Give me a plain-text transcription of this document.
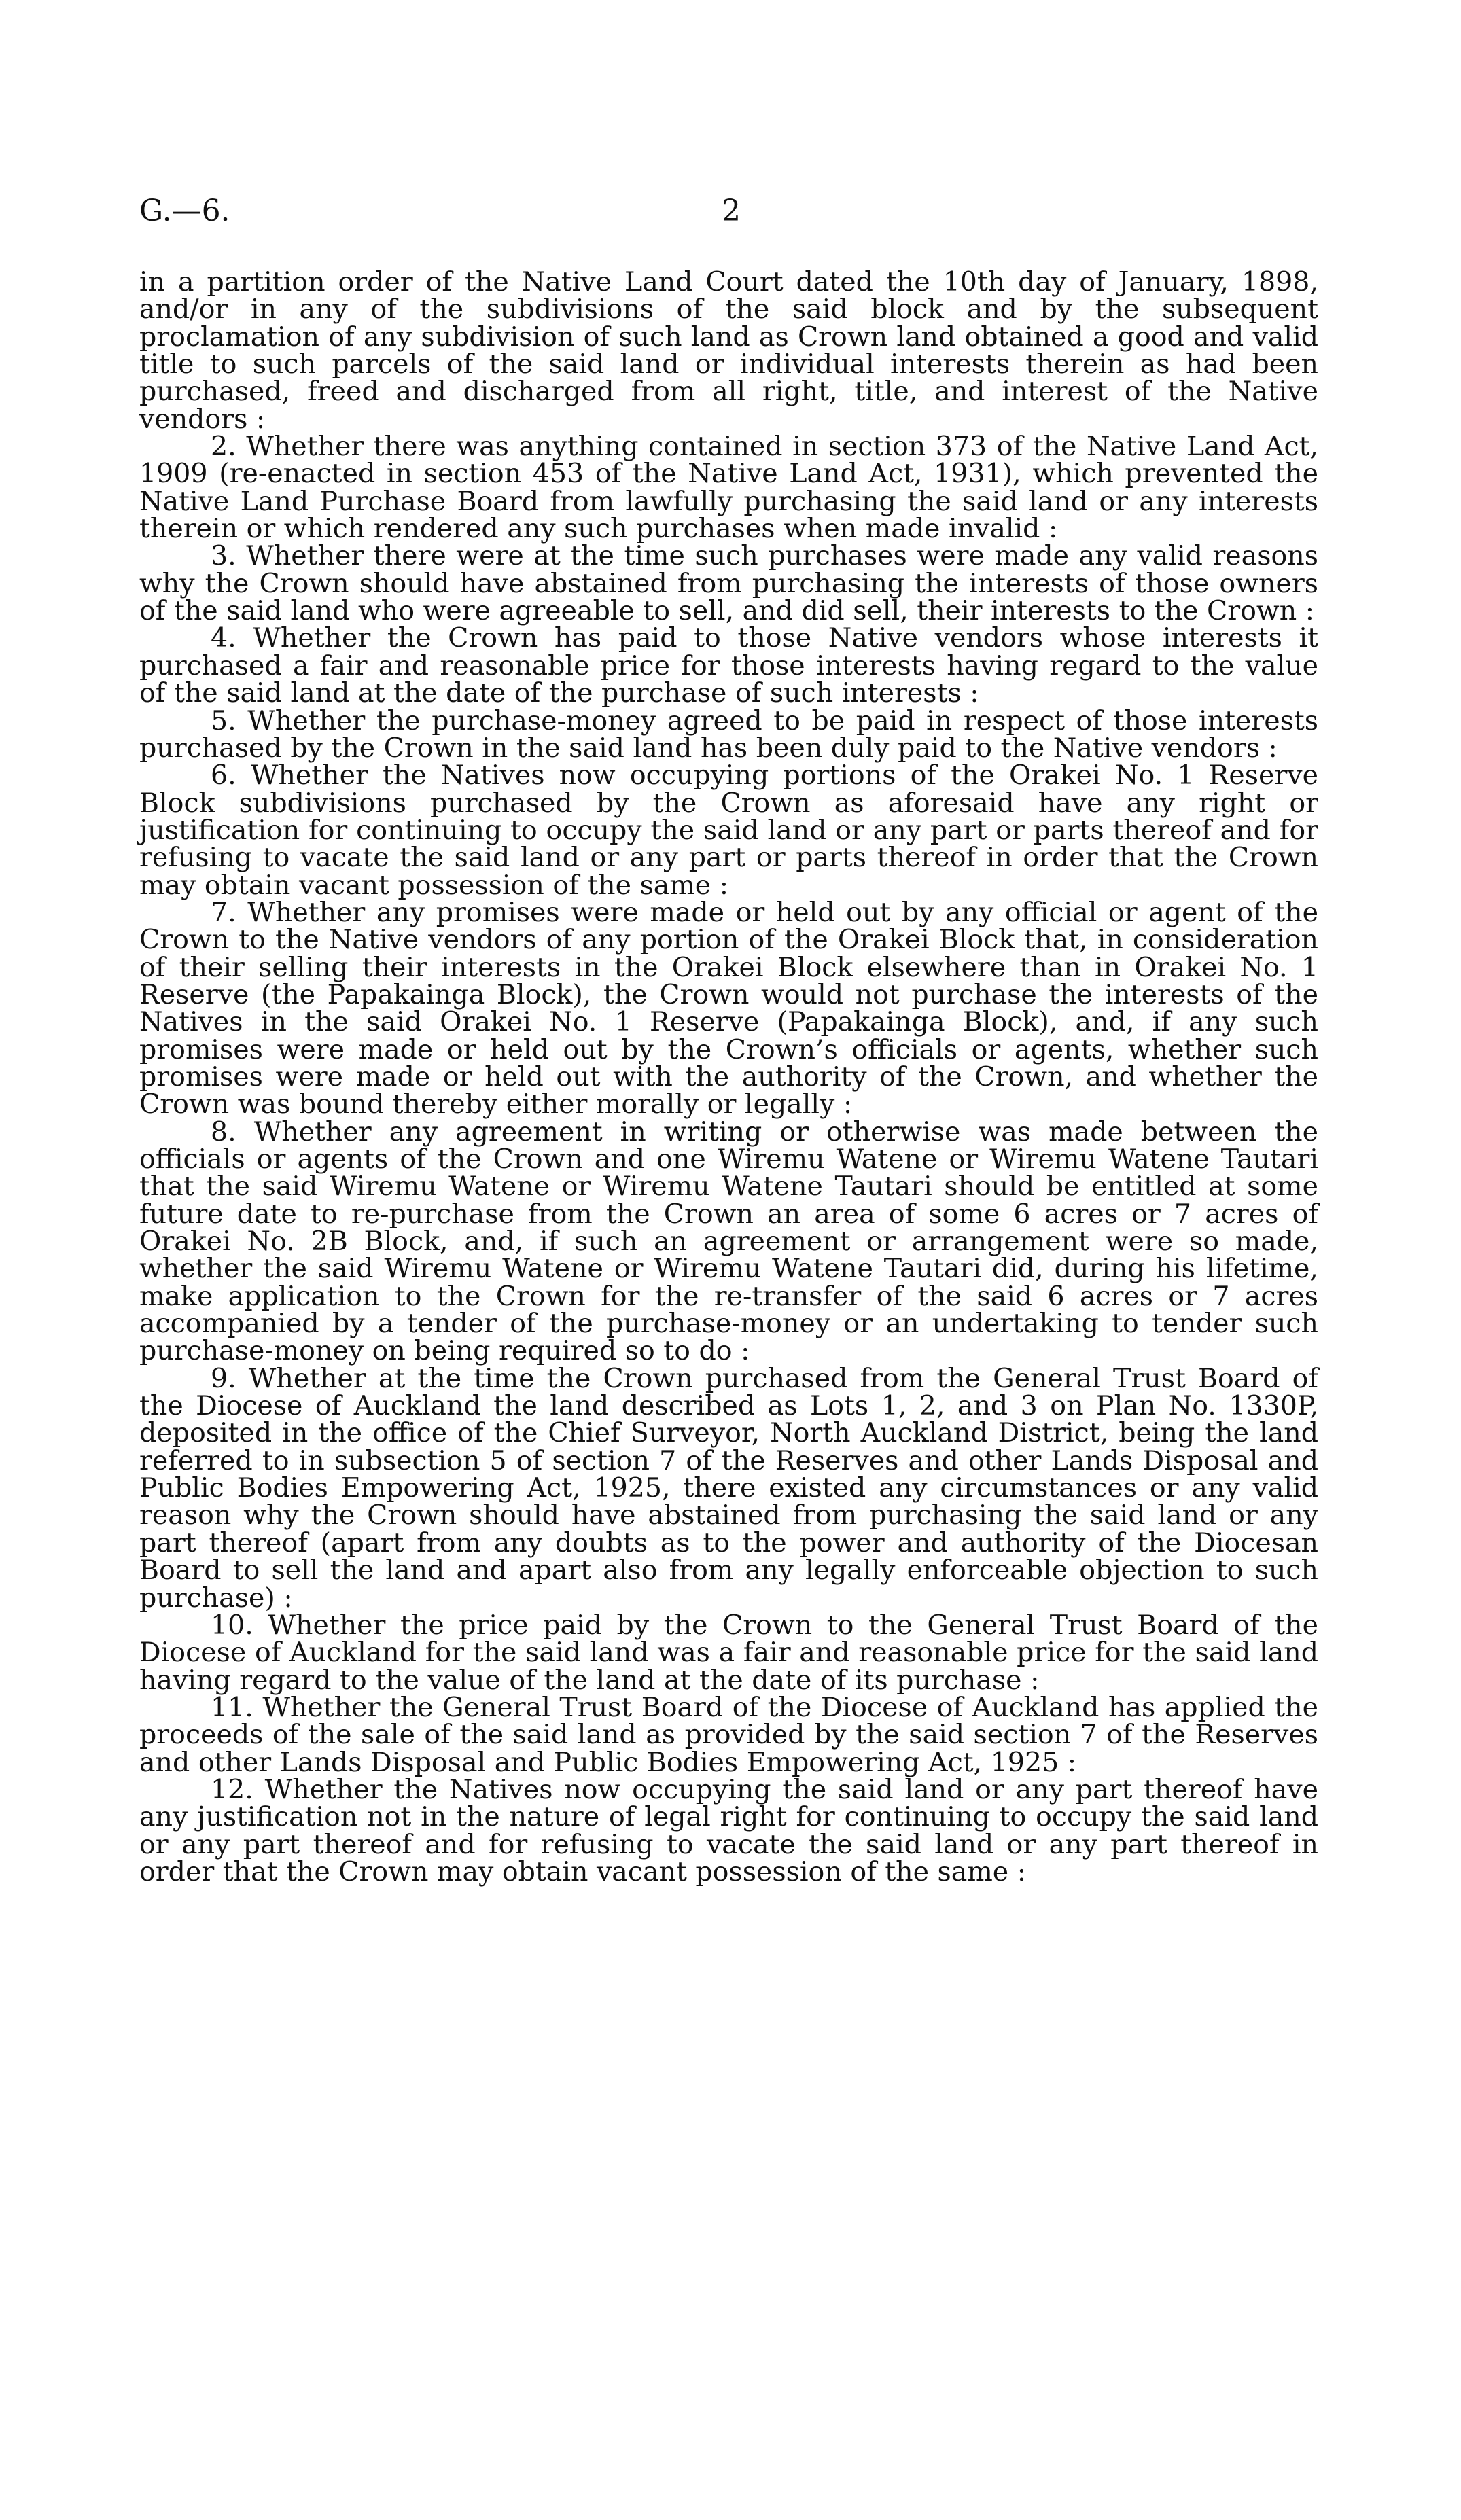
G.—6.	2

in a partition order of the Native Land Court dated the 10th day of January, 1898, and/or in any of the subdivisions of the said block and by the subsequent proclamation of any subdivision of such land as Crown land obtained a good and valid title to such parcels of the said land or individual interests therein as had been purchased, freed and discharged from all right, title, and interest of the Native vendors :

2. Whether there was anything contained in section 373 of the Native Land Act, 1909 (re-enacted in section 453 of the Native Land Act, 1931), which prevented the Native Land Purchase Board from lawfully purchasing the said land or any interests therein or which rendered any such purchases when made invalid :

3. Whether there were at the time such purchases were made any valid reasons why the Crown should have abstained from purchasing the interests of those owners of the said land who were agreeable to sell, and did sell, their interests to the Crown :

4. Whether the Crown has paid to those Native vendors whose interests it purchased a fair and reasonable price for those interests having regard to the value of the said land at the date of the purchase of such interests :

5. Whether the purchase-money agreed to be paid in respect of those interests purchased by the Crown in the said land has been duly paid to the Native vendors :

6. Whether the Natives now occupying portions of the Orakei No. 1 Reserve Block subdivisions purchased by the Crown as aforesaid have any right or justification for continuing to occupy the said land or any part or parts thereof and for refusing to vacate the said land or any part or parts thereof in order that the Crown may obtain vacant possession of the same :

7. Whether any promises were made or held out by any official or agent of the Crown to the Native vendors of any portion of the Orakei Block that, in consideration of their selling their interests in the Orakei Block elsewhere than in Orakei No. 1 Reserve (the Papakainga Block), the Crown would not purchase the interests of the Natives in the said Orakei No. 1 Reserve (Papakainga Block), and, if any such promises were made or held out by the Crown’s officials or agents, whether such promises were made or held out with the authority of the Crown, and whether the Crown was bound thereby either morally or legally :

8. Whether any agreement in writing or otherwise was made between the officials or agents of the Crown and one Wiremu Watene or Wiremu Watene Tautari that the said Wiremu Watene or Wiremu Watene Tautari should be entitled at some future date to re-purchase from the Crown an area of some 6 acres or 7 acres of Orakei No. 2B Block, and, if such an agreement or arrangement were so made, whether the said Wiremu Watene or Wiremu Watene Tautari did, during his lifetime, make application to the Crown for the re-transfer of the said 6 acres or 7 acres accompanied by a tender of the purchase-money or an undertaking to tender such purchase-money on being required so to do :

9. Whether at the time the Crown purchased from the General Trust Board of the Diocese of Auckland the land described as Lots 1, 2, and 3 on Plan No. 1330P, deposited in the office of the Chief Surveyor, North Auckland District, being the land referred to in subsection 5 of section 7 of the Reserves and other Lands Disposal and Public Bodies Empowering Act, 1925, there existed any circumstances or any valid reason why the Crown should have abstained from purchasing the said land or any part thereof (apart from any doubts as to the power and authority of the Diocesan Board to sell the land and apart also from any legally enforceable objection to such purchase) :

10. Whether the price paid by the Crown to the General Trust Board of the Diocese of Auckland for the said land was a fair and reasonable price for the said land having regard to the value of the land at the date of its purchase :

11. Whether the General Trust Board of the Diocese of Auckland has applied the proceeds of the sale of the said land as provided by the said section 7 of the Reserves and other Lands Disposal and Public Bodies Empowering Act, 1925 :

12. Whether the Natives now occupying the said land or any part thereof have any justification not in the nature of legal right for continuing to occupy the said land or any part thereof and for refusing to vacate the said land or any part thereof in order that the Crown may obtain vacant possession of the same :
